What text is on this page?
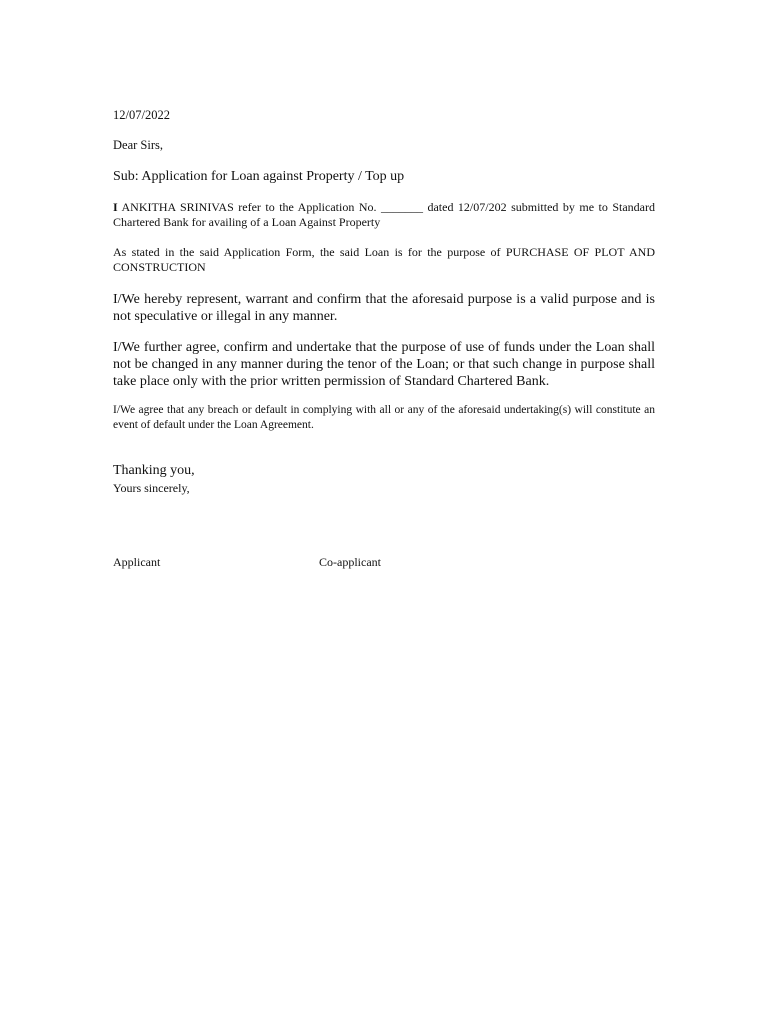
12/07/2022

Dear Sirs,

Sub: Application for Loan against Property / Top up

I ANKITHA SRINIVAS refer to the Application No. _______ dated 12/07/202 submitted by me to Standard Chartered Bank for availing of a Loan Against Property

As stated in the said Application Form, the said Loan is for the purpose of PURCHASE OF PLOT AND CONSTRUCTION

I/We hereby represent, warrant and confirm that the aforesaid purpose is a valid purpose and is not speculative or illegal in any manner.

I/We further agree, confirm and undertake that the purpose of use of funds under the Loan shall not be changed in any manner during the tenor of the Loan; or that such change in purpose shall take place only with the prior written permission of Standard Chartered Bank.

I/We agree that any breach or default in complying with all or any of the aforesaid undertaking(s) will constitute an event of default under the Loan Agreement.

Thanking you,

Yours sincerely,

Applicant	Co-applicant
